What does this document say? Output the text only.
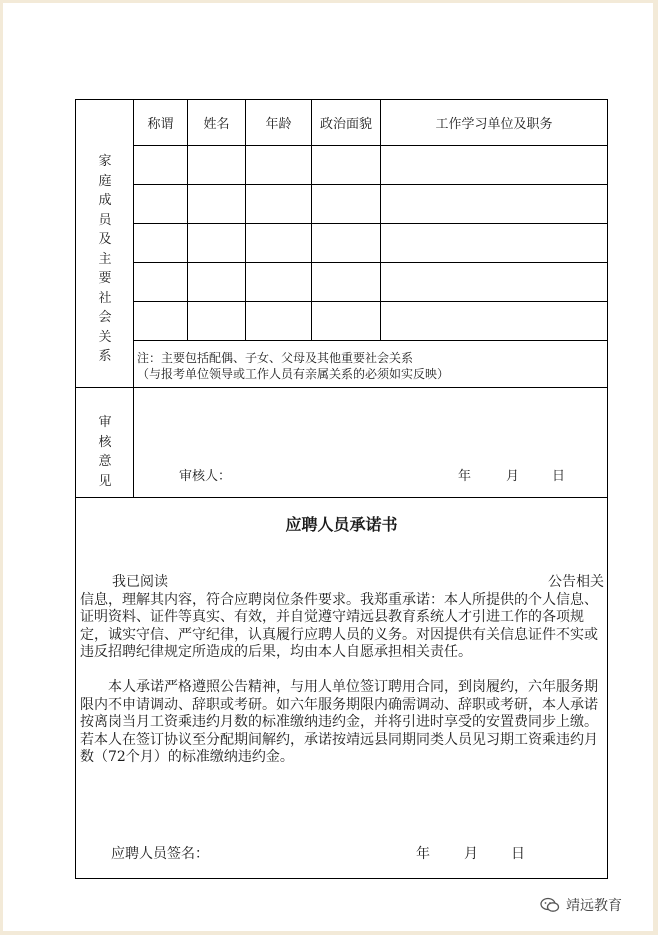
家庭成员及主要社会关系
称谓	姓名	年龄	政治面貌	工作学习单位及职务
注：主要包括配偶、子女、父母及其他重要社会关系
（与报考单位领导或工作人员有亲属关系的必须如实反映）
审核意见	审核人：	年	月	日
应聘人员承诺书
我已阅读	公告相关
信息，理解其内容，符合应聘岗位条件要求。我郑重承诺：本人所提供的个人信息、证明资料、证件等真实、有效，并自觉遵守靖远县教育系统人才引进工作的各项规定，诚实守信、严守纪律，认真履行应聘人员的义务。对因提供有关信息证件不实或违反招聘纪律规定所造成的后果，均由本人自愿承担相关责任。
本人承诺严格遵照公告精神，与用人单位签订聘用合同，到岗履约，六年服务期限内不申请调动、辞职或考研。如六年服务期限内确需调动、辞职或考研，本人承诺按离岗当月工资乘违约月数的标准缴纳违约金，并将引进时享受的安置费同步上缴。若本人在签订协议至分配期间解约，承诺按靖远县同期同类人员见习期工资乘违约月数（72个月）的标准缴纳违约金。
应聘人员签名：	年 月 日
靖远教育
